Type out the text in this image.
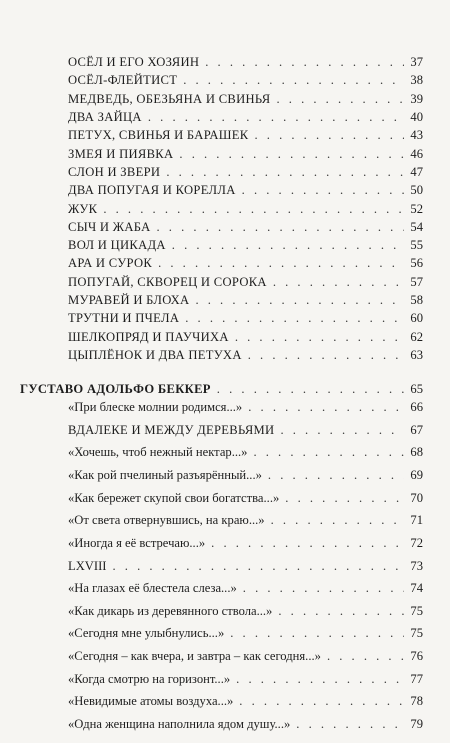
ОСЁЛ И ЕГО ХОЗЯИН . . .	37
ОСЁЛ-ФЛЕЙТИСТ . . .	38
МЕДВЕДЬ, ОБЕЗЬЯНА И СВИНЬЯ . . .	39
ДВА ЗАЙЦА . . .	40
ПЕТУХ, СВИНЬЯ И БАРАШЕК . . .	43
ЗМЕЯ И ПИЯВКА . . .	46
СЛОН И ЗВЕРИ . . .	47
ДВА ПОПУГАЯ И КОРЕЛЛА . . .	50
ЖУК . . .	52
СЫЧ И ЖАБА . . .	54
ВОЛ И ЦИКАДА . . .	55
АРА И СУРОК . . .	56
ПОПУГАЙ, СКВОРЕЦ И СОРОКА . . .	57
МУРАВЕЙ И БЛОХА . . .	58
ТРУТНИ И ПЧЕЛА . . .	60
ШЕЛКОПРЯД И ПАУЧИХА . . .	62
ЦЫПЛЁНОК И ДВА ПЕТУХА . . .	63
ГУСТАВО АДОЛЬФО БЕККЕР . . .	65
«При блеске молнии родимся...» . . .	66
ВДАЛЕКЕ И МЕЖДУ ДЕРЕВЬЯМИ . . .	67
«Хочешь, чтоб нежный нектар...» . . .	68
«Как рой пчелиный разъярённый...» . . .	69
«Как бережет скупой свои богатства...» . . .	70
«От света отвернувшись, на краю...» . . .	71
«Иногда я её встречаю...» . . .	72
LXVIII . . .	73
«На глазах её блестела слеза...» . . .	74
«Как дикарь из деревянного ствола...» . . .	75
«Сегодня мне улыбнулись...» . . .	75
«Сегодня – как вчера, и завтра – как сегодня...» . . .	76
«Когда смотрю на горизонт...» . . .	77
«Невидимые атомы воздуха...» . . .	78
«Одна женщина наполнила ядом душу...» . . .	79
